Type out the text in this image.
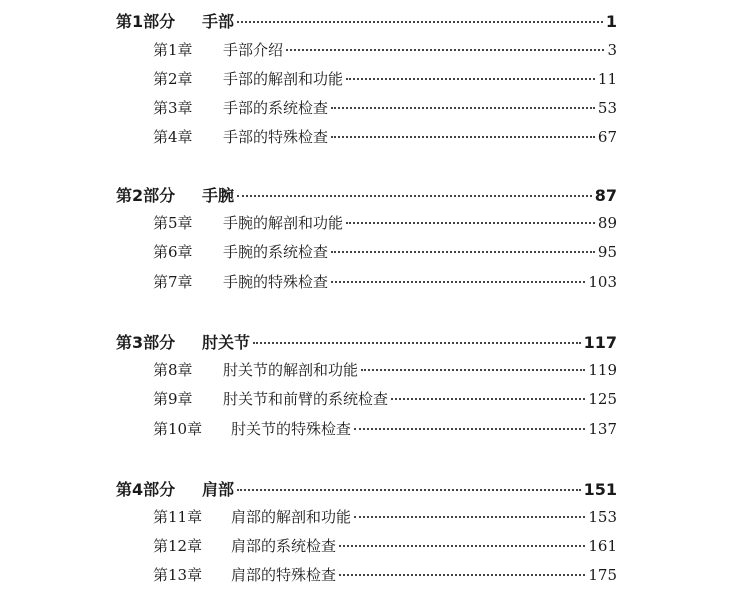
第1部分	手部	1
第1章	手部介绍	3
第2章	手部的解剖和功能	11
第3章	手部的系统检查	53
第4章	手部的特殊检查	67
第2部分	手腕	87
第5章	手腕的解剖和功能	89
第6章	手腕的系统检查	95
第7章	手腕的特殊检查	103
第3部分	肘关节	117
第8章	肘关节的解剖和功能	119
第9章	肘关节和前臂的系统检查	125
第10章	肘关节的特殊检查	137
第4部分	肩部	151
第11章	肩部的解剖和功能	153
第12章	肩部的系统检查	161
第13章	肩部的特殊检查	175
